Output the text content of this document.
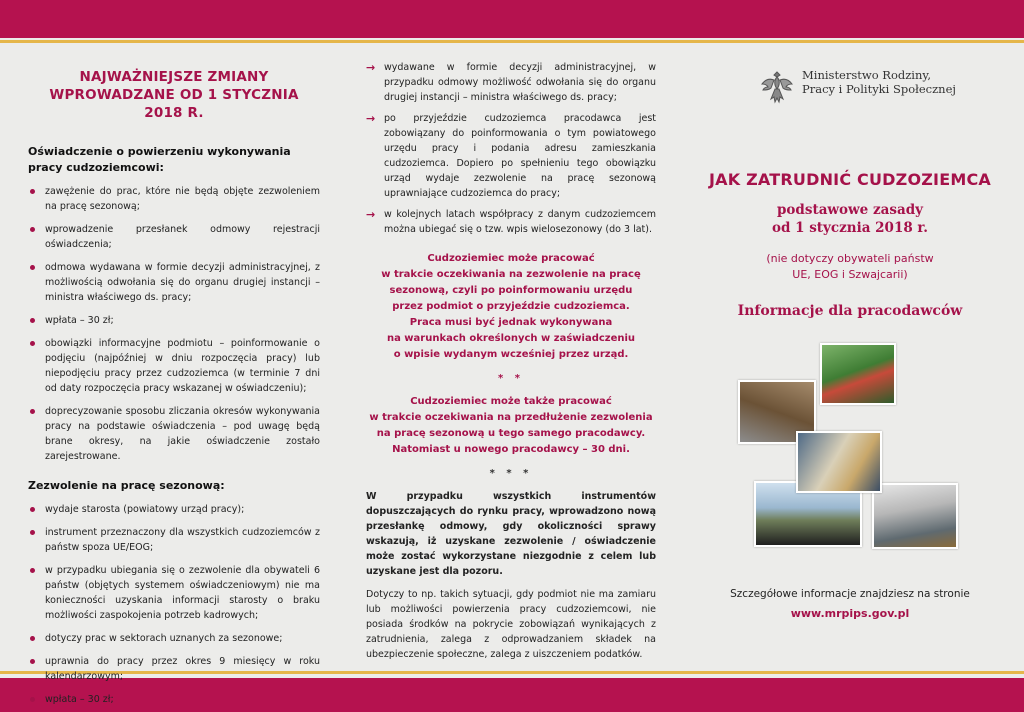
NAJWAŻNIEJSZE ZMIANY
WPROWADZANE OD 1 STYCZNIA 2018 R.
Oświadczenie o powierzeniu wykonywania pracy cudzoziemcowi:
zawężenie do prac, które nie będą objęte zezwoleniem na pracę sezonową;
wprowadzenie przesłanek odmowy rejestracji oświadczenia;
odmowa wydawana w formie decyzji administracyjnej, z możliwością odwołania się do organu drugiej instancji – ministra właściwego ds. pracy;
wpłata – 30 zł;
obowiązki informacyjne podmiotu – poinformowanie o podjęciu (najpóźniej w dniu rozpoczęcia pracy) lub niepodjęciu pracy przez cudzoziemca (w terminie 7 dni od daty rozpoczęcia pracy wskazanej w oświadczeniu);
doprecyzowanie sposobu zliczania okresów wykonywania pracy na podstawie oświadczenia – pod uwagę będą brane okresy, na jakie oświadczenie zostało zarejestrowane.
Zezwolenie na pracę sezonową:
wydaje starosta (powiatowy urząd pracy);
instrument przeznaczony dla wszystkich cudzoziemców z państw spoza UE/EOG;
w przypadku ubiegania się o zezwolenie dla obywateli 6 państw (objętych systemem oświadczeniowym) nie ma konieczności uzyskania informacji starosty o braku możliwości zaspokojenia potrzeb kadrowych;
dotyczy prac w sektorach uznanych za sezonowe;
uprawnia do pracy przez okres 9 miesięcy w roku kalendarzowym;
wpłata – 30 zł;
→ wydawane w formie decyzji administracyjnej, w przypadku odmowy możliwość odwołania się do organu drugiej instancji – ministra właściwego ds. pracy;
→ po przyjeździe cudzoziemca pracodawca jest zobowiązany do poinformowania o tym powiatowego urzędu pracy i podania adresu zamieszkania cudzoziemca. Dopiero po spełnieniu tego obowiązku urząd wydaje zezwolenie na pracę sezonową uprawniające cudzoziemca do pracy;
→ w kolejnych latach współpracy z danym cudzoziemcem można ubiegać się o tzw. wpis wielosezonowy (do 3 lat).
Cudzoziemiec może pracować
w trakcie oczekiwania na zezwolenie na pracę
sezonową, czyli po poinformowaniu urzędu
przez podmiot o przyjeździe cudzoziemca.
Praca musi być jednak wykonywana
na warunkach określonych w zaświadczeniu
o wpisie wydanym wcześniej przez urząd.
* *
Cudzoziemiec może także pracować
w trakcie oczekiwania na przedłużenie zezwolenia
na pracę sezonową u tego samego pracodawcy.
Natomiast u nowego pracodawcy – 30 dni.
* * *
W przypadku wszystkich instrumentów dopuszczających do rynku pracy, wprowadzono nową przesłankę odmowy, gdy okoliczności sprawy wskazują, iż uzyskane zezwolenie / oświadczenie może zostać wykorzystane niezgodnie z celem lub uzyskane jest dla pozoru.
Dotyczy to np. takich sytuacji, gdy podmiot nie ma zamiaru lub możliwości powierzenia pracy cudzoziemcowi, nie posiada środków na pokrycie zobowiązań wynikających z zatrudnienia, zalega z odprowadzaniem składek na ubezpieczenie społeczne, zalega z uiszczeniem podatków.
Ministerstwo Rodziny,
Pracy i Polityki Społecznej
JAK ZATRUDNIĆ CUDZOZIEMCA
podstawowe zasady
od 1 stycznia 2018 r.
(nie dotyczy obywateli państw
UE, EOG i Szwajcarii)
Informacje dla pracodawców
Szczegółowe informacje znajdziesz na stronie
www.mrpips.gov.pl
